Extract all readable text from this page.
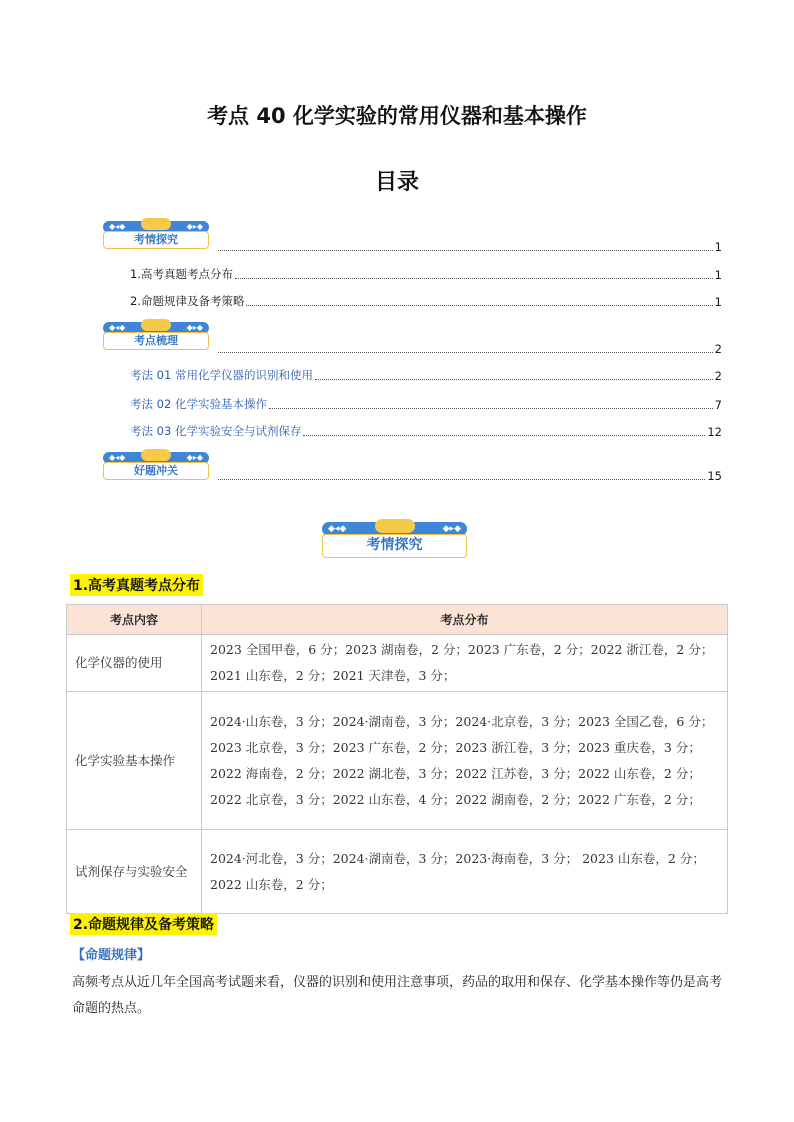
考点 40 化学实验的常用仪器和基本操作
目录
◆◂◆	◆▸◆
考情探究
1
1.高考真题考点分布	1
2.命题规律及备考策略	1
◆◂◆	◆▸◆
考点梳理
2
考法 01 常用化学仪器的识别和使用	2
考法 02 化学实验基本操作	7
考法 03 化学实验安全与试剂保存	12
◆◂◆	◆▸◆
好题冲关	15
◆◂◆	◆▸◆
考情探究
1.高考真题考点分布
考点内容	考点分布
化学仪器的使用	2023 全国甲卷，6 分；2023 湖南卷，2 分；2023 广东卷，2 分；2022 浙江卷，2 分；2021 山东卷，2 分；2021 天津卷，3 分；

化学实验基本操作	2024·山东卷，3 分；2024·湖南卷，3 分；2024·北京卷，3 分；2023 全国乙卷，6 分；2023 北京卷，3 分；2023 广东卷，2 分；2023 浙江卷，3 分；2023 重庆卷，3 分；
2022 海南卷，2 分；2022 湖北卷，3 分；2022 江苏卷，3 分；2022 山东卷，2 分；2022 北京卷，3 分；2022 山东卷，4 分；2022 湖南卷，2 分；2022 广东卷，2 分；

试剂保存与实验安全	2024·河北卷，3 分；2024·湖南卷，3 分；2023·海南卷，3 分； 2023 山东卷，2 分；
2022 山东卷，2 分；
2.命题规律及备考策略
【命题规律】
高频考点从近几年全国高考试题来看，仪器的识别和使用注意事项，药品的取用和保存、化学基本操作等仍是高考命题的热点。
